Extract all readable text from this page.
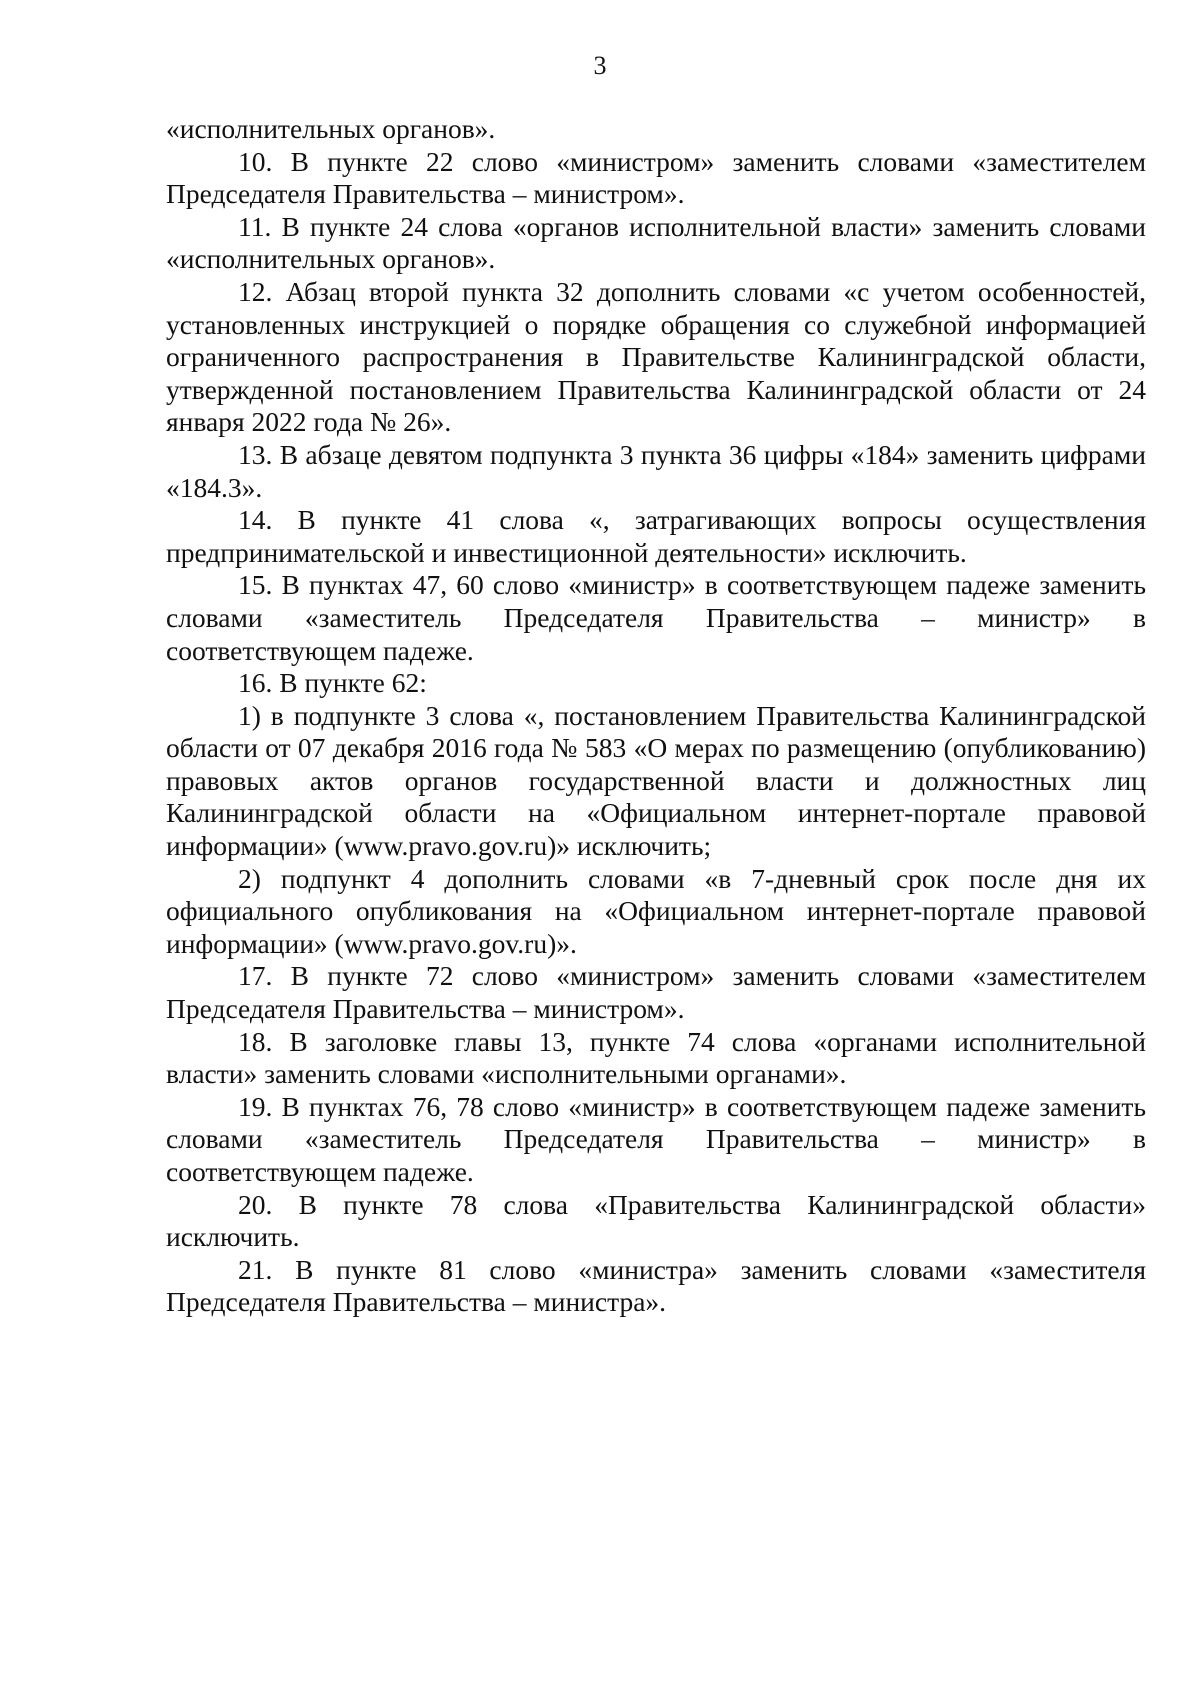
3

«исполнительных органов».

10. В пункте 22 слово «министром» заменить словами «заместителем Председателя Правительства – министром».

11. В пункте 24 слова «органов исполнительной власти» заменить словами «исполнительных органов».

12. Абзац второй пункта 32 дополнить словами «с учетом особенностей, установленных инструкцией о порядке обращения со служебной информацией ограниченного распространения в Правительстве Калининградской области, утвержденной постановлением Правительства Калининградской области от 24 января 2022 года № 26».

13. В абзаце девятом подпункта 3 пункта 36 цифры «184» заменить цифрами «184.3».

14. В пункте 41 слова «, затрагивающих вопросы осуществления предпринимательской и инвестиционной деятельности» исключить.

15. В пунктах 47, 60 слово «министр» в соответствующем падеже заменить словами «заместитель Председателя Правительства – министр» в соответствующем падеже.

16. В пункте 62:

1) в подпункте 3 слова «, постановлением Правительства Калининградской области от 07 декабря 2016 года № 583 «О мерах по размещению (опубликованию) правовых актов органов государственной власти и должностных лиц Калининградской области на «Официальном интернет-портале правовой информации» (www.pravo.gov.ru)» исключить;

2) подпункт 4 дополнить словами «в 7-дневный срок после дня их официального опубликования на «Официальном интернет-портале правовой информации» (www.pravo.gov.ru)».

17. В пункте 72 слово «министром» заменить словами «заместителем Председателя Правительства – министром».

18. В заголовке главы 13, пункте 74 слова «органами исполнительной власти» заменить словами «исполнительными органами».

19. В пунктах 76, 78 слово «министр» в соответствующем падеже заменить словами «заместитель Председателя Правительства – министр» в соответствующем падеже.

20. В пункте 78 слова «Правительства Калининградской области» исключить.

21. В пункте 81 слово «министра» заменить словами «заместителя Председателя Правительства – министра».
